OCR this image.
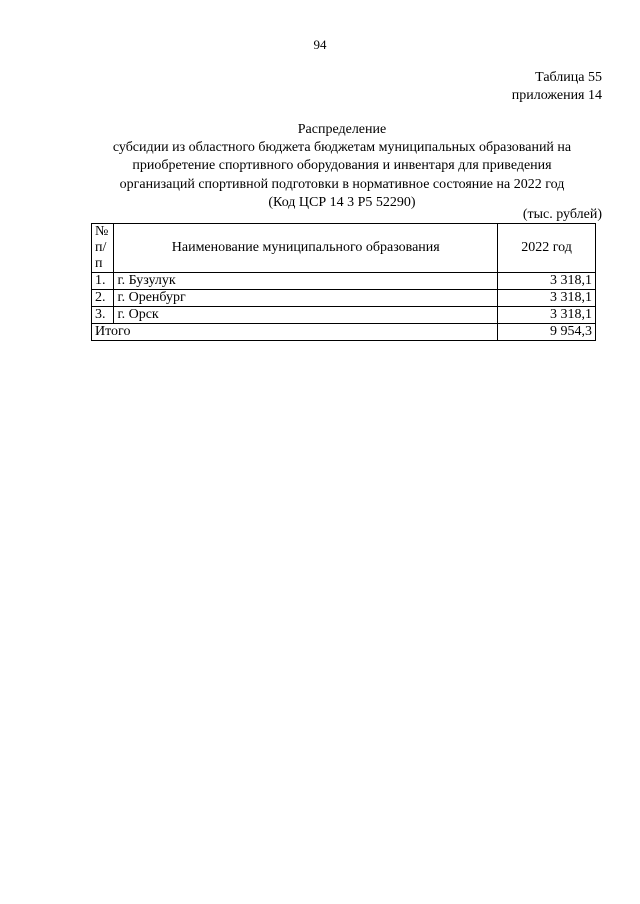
94
Таблица 55
приложения 14
Распределение
субсидии из областного бюджета бюджетам муниципальных образований на
приобретение спортивного оборудования и инвентаря для приведения
организаций спортивной подготовки в нормативное состояние на 2022 год
(Код ЦСР 14 3 Р5 52290)
(тыс. рублей)
№
п/п	Наименование муниципального образования	2022 год
1.	г. Бузулук	3 318,1
2.	г. Оренбург	3 318,1
3.	г. Орск	3 318,1
Итого		9 954,3
